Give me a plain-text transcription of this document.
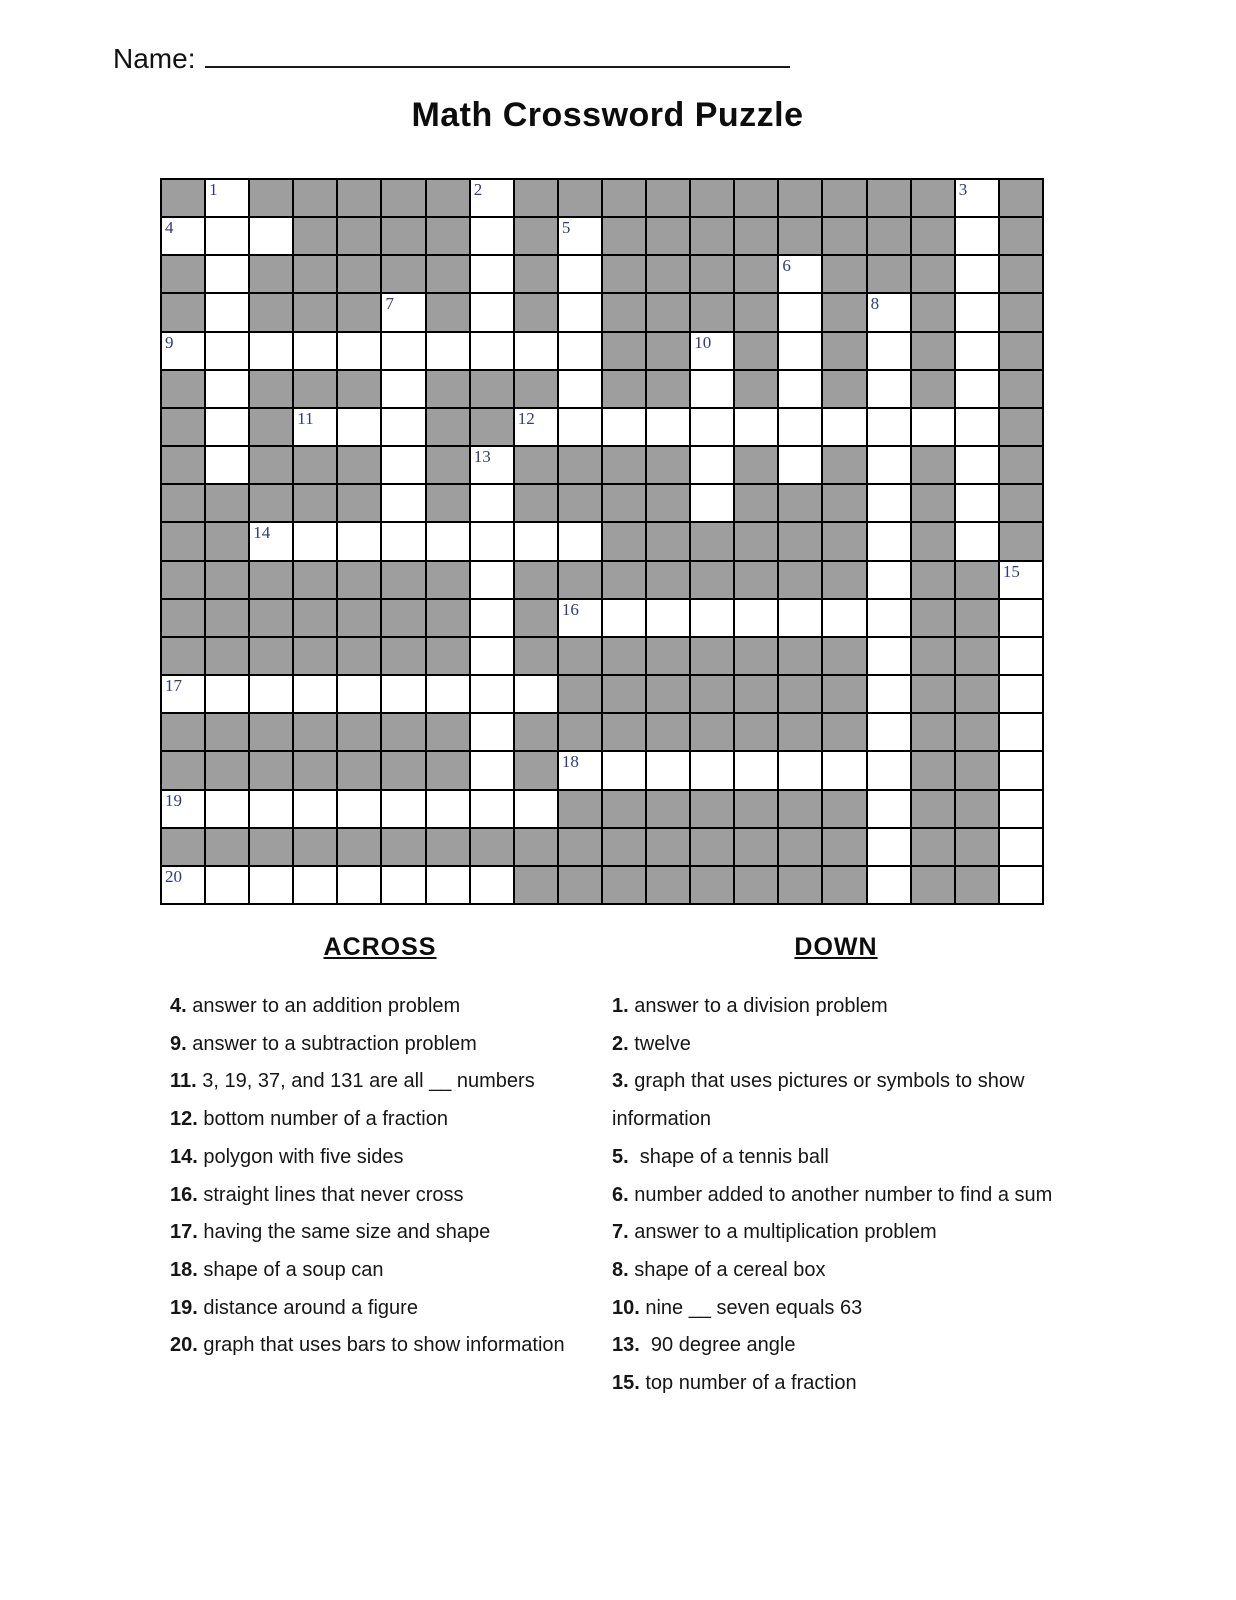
Name:
Math Crossword Puzzle
1	2	3
4	5
6
7	8
9	10
11	12
13
14
15
16
17
18
19
20
ACROSS
4. answer to an addition problem
9. answer to a subtraction problem
11. 3, 19, 37, and 131 are all __ numbers
12. bottom number of a fraction
14. polygon with five sides
16. straight lines that never cross
17. having the same size and shape
18. shape of a soup can
19. distance around a figure
20. graph that uses bars to show information
DOWN
1. answer to a division problem
2. twelve
3. graph that uses pictures or symbols to show information
5.  shape of a tennis ball
6. number added to another number to find a sum
7. answer to a multiplication problem
8. shape of a cereal box
10. nine __ seven equals 63
13.  90 degree angle
15. top number of a fraction
